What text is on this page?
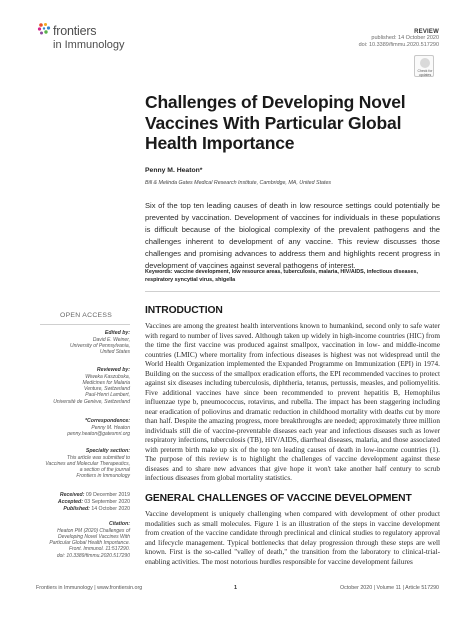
frontiers
in Immunology
REVIEW
published: 14 October 2020
doi: 10.3389/fimmu.2020.517290
Check for updates
Challenges of Developing Novel Vaccines With Particular Global Health Importance
Penny M. Heaton*
Bill & Melinda Gates Medical Research Institute, Cambridge, MA, United States

Six of the top ten leading causes of death in low resource settings could potentially be prevented by vaccination. Development of vaccines for individuals in these populations is difficult because of the biological complexity of the prevalent pathogens and the challenges inherent to development of any vaccine. This review discusses those challenges and promising advances to address them and highlights recent progress in development of vaccines against several pathogens of interest.

Keywords: vaccine development, low resource areas, tuberculosis, malaria, HIV/AIDS, infectious diseases, respiratory syncytial virus, shigella

OPEN ACCESS
Edited by:
David E. Weiner,
University of Pennsylvania,
United States
Reviewed by:
Wiweka Kaszubska,
Medicines for Malaria
Venture, Switzerland
Paul-Henri Lambert,
Université de Genève, Switzerland
*Correspondence:
Penny M. Heaton
penny.heaton@gatesmri.org
Specialty section:
This article was submitted to
Vaccines and Molecular Therapeutics,
a section of the journal
Frontiers in Immunology
Received: 09 December 2019
Accepted: 03 September 2020
Published: 14 October 2020
Citation:
Heaton PM (2020) Challenges of
Developing Novel Vaccines With
Particular Global Health Importance.
Front. Immunol. 11:517290.
doi: 10.3389/fimmu.2020.517290
INTRODUCTION

Vaccines are among the greatest health interventions known to humankind, second only to safe water with regard to number of lives saved. Although taken up widely in high-income countries (HIC) from the time the first vaccine was produced against smallpox, vaccination in low- and middle-income countries (LMIC) where mortality from infectious diseases is highest was not widespread until the World Health Organization implemented the Expanded Programme on Immunization (EPI) in 1974. Building on the success of the smallpox eradication efforts, the EPI recommended vaccines to protect against six diseases including tuberculosis, diphtheria, tetanus, pertussis, measles, and poliomyelitis. Five additional vaccines have since been recommended to prevent hepatitis B, Hemophilus influenzae type b, pneumococcus, rotavirus, and rubella. The impact has been staggering including near eradication of poliovirus and dramatic reduction in childhood mortality with deaths cut by more than half. Despite the amazing progress, more breakthroughs are needed; approximately three million individuals still die of vaccine-preventable diseases each year and infectious diseases such as lower respiratory infections, tuberculosis (TB), HIV/AIDS, diarrheal diseases, malaria, and those associated with preterm birth make up six of the top ten leading causes of death in low-income countries (1). The purpose of this review is to highlight the challenges of vaccine development against these diseases and to share new advances that give hope it won't take another half century to scrub infectious diseases from global mortality statistics.

GENERAL CHALLENGES OF VACCINE DEVELOPMENT

Vaccine development is uniquely challenging when compared with development of other product modalities such as small molecules. Figure 1 is an illustration of the steps in vaccine development from creation of the vaccine candidate through preclinical and clinical studies to regulatory approval and lifecycle management. Typical bottlenecks that delay progression through these steps are well known. First is the so-called "valley of death," the transition from the laboratory to clinical-trial-enabling activities. The most notorious hurdles responsible for vaccine development failures

Frontiers in Immunology | www.frontiersin.org	1	October 2020 | Volume 11 | Article 517290
